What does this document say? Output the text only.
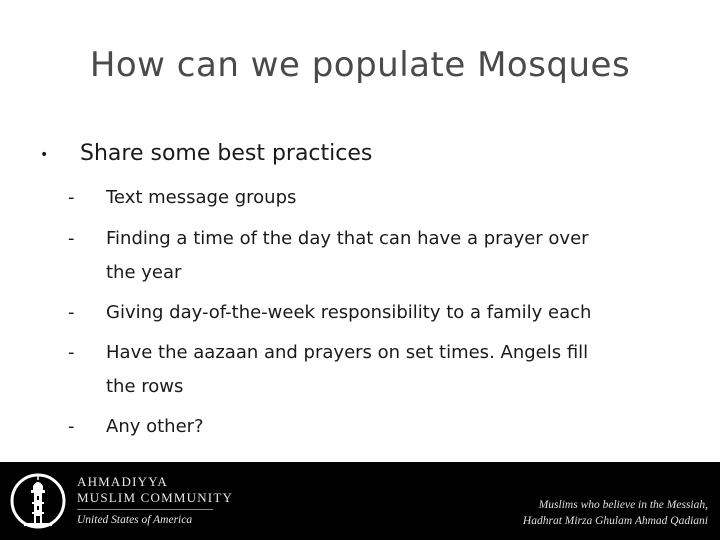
How can we populate Mosques
• Share some best practices
- Text message groups
- Finding a time of the day that can have a prayer over
the year
- Giving day-of-the-week responsibility to a family each
- Have the aazaan and prayers on set times. Angels fill
the rows
- Any other?
AHMADIYYA
MUSLIM COMMUNITY
United States of America
Muslims who believe in the Messiah,
Hadhrat Mirza Ghulam Ahmad Qadiani
